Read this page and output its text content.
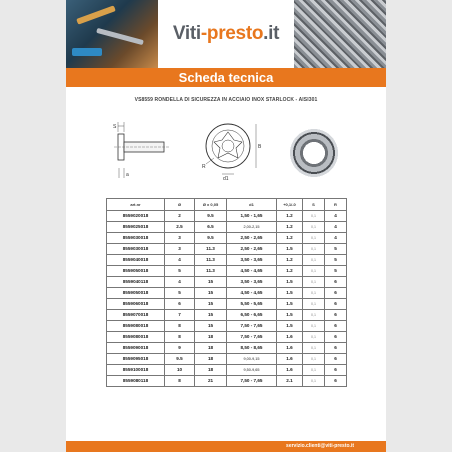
Viti-presto.it
Scheda tecnica
VS8559 RONDELLA DI SICUREZZA IN ACCIAIO INOX STARLOCK - AISI301
S
a
B
d1
R
art.nr	Ø	Ø x 0,05	d1	+0,1/-0	S	R
8559020018	2	9.5	1,50 - 1,65	1.2	0,1	4
8559025018	2.5	6.5	2,00-2,15	1.2	0,1	4
8559030018	3	9.5	2,50 - 2,65	1.2	0,1	4
8559030018	3	11.3	2,50 - 2,65	1.5	0,1	5
8559040018	4	11.3	3,50 - 3,65	1.2	0,1	5
8559050018	5	11.3	4,50 - 4,65	1.2	0,1	5
8559040118	4	15	3,50 - 3,65	1.5	0,1	6
8559050018	5	15	4,50 - 4,65	1.5	0,1	6
8559060018	6	15	5,50 - 5,65	1.5	0,1	6
8559070018	7	15	6,50 - 6,65	1.5	0,1	6
8559080018	8	15	7,50 - 7,65	1.5	0,1	6
8559080018	8	18	7,50 - 7,65	1.6	0,1	6
8559090018	9	18	8,50 - 8,65	1.6	0,1	6
8559095018	9.5	18	9,00-9,15	1.6	0,1	6
8559100018	10	18	9,50-9,65	1.6	0,1	6
8559080118	8	21	7,50 - 7,65	2.1	0,1	6
servizio.clienti@viti-presto.it
